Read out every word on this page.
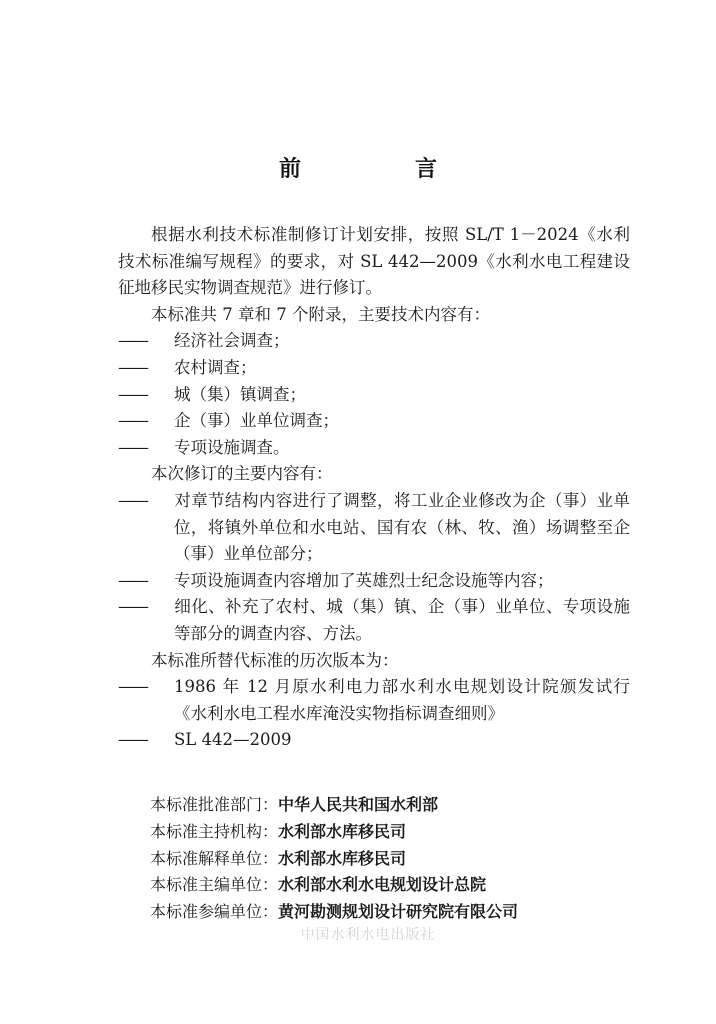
前　言

根据水利技术标准制修订计划安排，按照 SL/T 1－2024《水利技术标准编写规程》的要求，对 SL 442—2009《水利水电工程建设征地移民实物调查规范》进行修订。

本标准共 7 章和 7 个附录，主要技术内容有：

—— 经济社会调查；

—— 农村调查；

—— 城（集）镇调查；

—— 企（事）业单位调查；

—— 专项设施调查。

本次修订的主要内容有：

—— 对章节结构内容进行了调整，将工业企业修改为企（事）业单位，将镇外单位和水电站、国有农（林、牧、渔）场调整至企（事）业单位部分；

—— 专项设施调查内容增加了英雄烈士纪念设施等内容；

—— 细化、补充了农村、城（集）镇、企（事）业单位、专项设施等部分的调查内容、方法。

本标准所替代标准的历次版本为：

—— 1986 年 12 月原水利电力部水利水电规划设计院颁发试行《水利水电工程水库淹没实物指标调查细则》

—— SL 442—2009

本标准批准部门：中华人民共和国水利部
本标准主持机构：水利部水库移民司
本标准解释单位：水利部水库移民司
本标准主编单位：水利部水利水电规划设计总院
本标准参编单位：黄河勘测规划设计研究院有限公司
中国水利水电出版社
